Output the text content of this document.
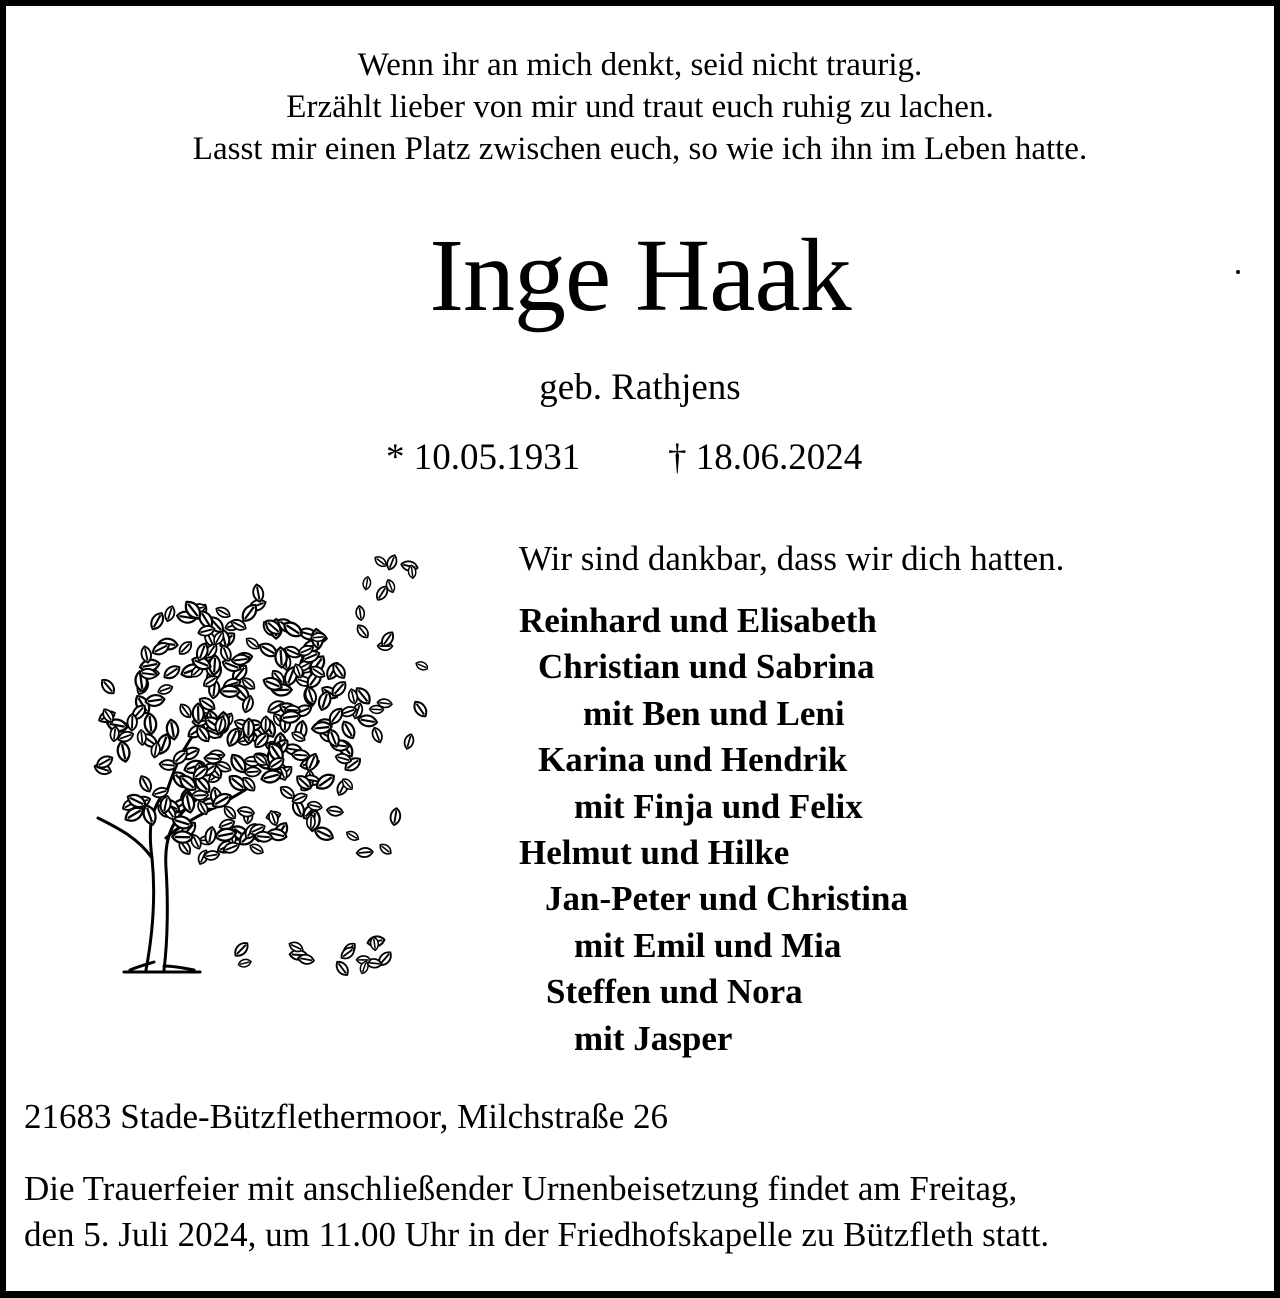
Wenn ihr an mich denkt, seid nicht traurig.
Erzählt lieber von mir und traut euch ruhig zu lachen.
Lasst mir einen Platz zwischen euch, so wie ich ihn im Leben hatte.
Inge Haak
geb. Rathjens
* 10.05.1931 † 18.06.2024
Wir sind dankbar, dass wir dich hatten.
Reinhard und Elisabeth
Christian und Sabrina
mit Ben und Leni
Karina und Hendrik
mit Finja und Felix
Helmut und Hilke
Jan-Peter und Christina
mit Emil und Mia
Steffen und Nora
mit Jasper
21683 Stade-Bützflethermoor, Milchstraße 26
Die Trauerfeier mit anschließender Urnenbeisetzung findet am Freitag,
den 5. Juli 2024, um 11.00 Uhr in der Friedhofskapelle zu Bützfleth statt.
